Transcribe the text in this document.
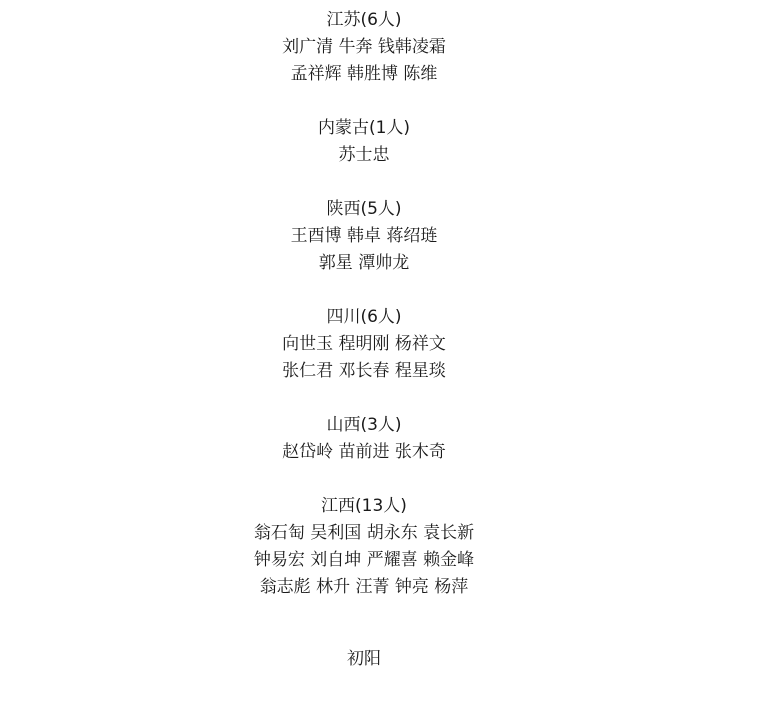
江苏(6人)
刘广清 牛奔 钱韩凌霜
孟祥辉 韩胜博 陈维
内蒙古(1人)
苏士忠
陕西(5人)
王酉博 韩卓 蒋绍琏
郭星 潭帅龙
四川(6人)
向世玉 程明刚 杨祥文
张仁君 邓长春 程星琰
山西(3人)
赵岱岭 苗前进 张木奇
江西(13人)
翁石匋 吴利国 胡永东 袁长新
钟易宏 刘自坤 严耀喜 赖金峰
翁志彪 林升 汪菁 钟亮 杨萍
初阳
